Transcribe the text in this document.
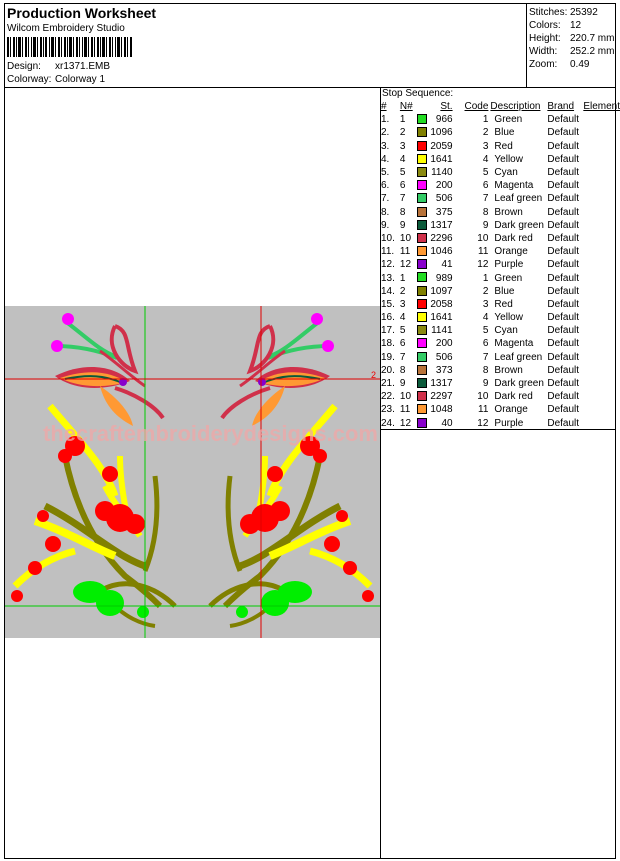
Production Worksheet
Wilcom Embroidery Studio
Design: xr1371.EMB
Colorway: Colorway 1
Stitches: 25392
Colors: 12
Height: 220.7 mm
Width: 252.2 mm
Zoom: 0.49
Stop Sequence:
#	N#	St.	Code	Description	Brand	Element
1.	1	966	1	Green	Default	
2.	2	1096	2	Blue	Default	
3.	3	2059	3	Red	Default	
4.	4	1641	4	Yellow	Default	
5.	5	1140	5	Cyan	Default	
6.	6	200	6	Magenta	Default	
7.	7	506	7	Leaf green	Default	
8.	8	375	8	Brown	Default	
9.	9	1317	9	Dark green	Default	
10.	10	2296	10	Dark red	Default	
11.	11	1046	11	Orange	Default	
12.	12	41	12	Purple	Default	
13.	1	989	1	Green	Default	
14.	2	1097	2	Blue	Default	
15.	3	2058	3	Red	Default	
16.	4	1641	4	Yellow	Default	
17.	5	1141	5	Cyan	Default	
18.	6	200	6	Magenta	Default	
19.	7	506	7	Leaf green	Default	
20.	8	373	8	Brown	Default	
21.	9	1317	9	Dark green	Default	
22.	10	2297	10	Dark red	Default	
23.	11	1048	11	Orange	Default	
24.	12	40	12	Purple	Default	
thecraftembroiderydesigns.com
2
